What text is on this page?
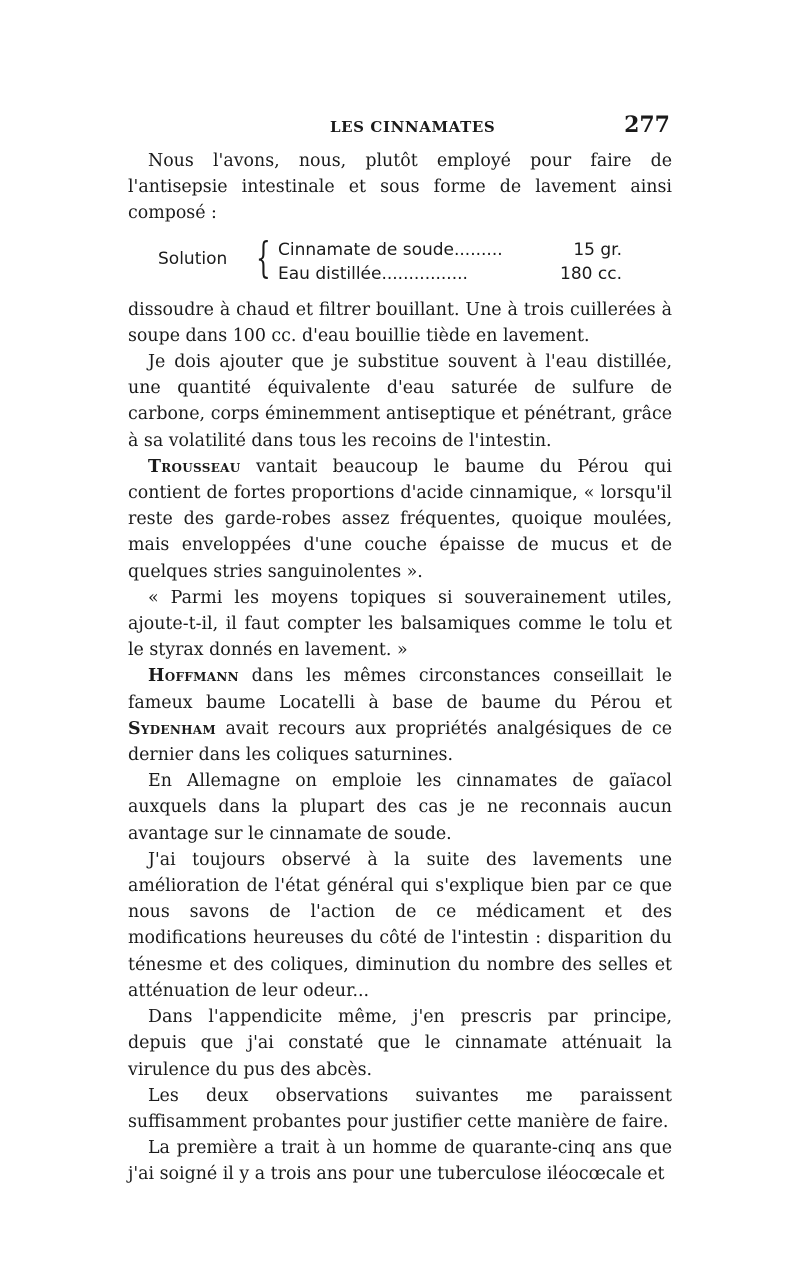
LES CINNAMATES	277

Nous l'avons, nous, plutôt employé pour faire de l'antisepsie intestinale et sous forme de lavement ainsi composé :

Solution { Cinnamate de soude.........	15 gr.
Eau distillée................	180 cc.

dissoudre à chaud et filtrer bouillant. Une à trois cuillerées à soupe dans 100 cc. d'eau bouillie tiède en lavement.

Je dois ajouter que je substitue souvent à l'eau distillée, une quantité équivalente d'eau saturée de sulfure de carbone, corps éminemment antiseptique et pénétrant, grâce à sa volatilité dans tous les recoins de l'intestin.

Trousseau vantait beaucoup le baume du Pérou qui contient de fortes proportions d'acide cinnamique, « lorsqu'il reste des garde-robes assez fréquentes, quoique moulées, mais enveloppées d'une couche épaisse de mucus et de quelques stries sanguinolentes ».

« Parmi les moyens topiques si souverainement utiles, ajoute-t-il, il faut compter les balsamiques comme le tolu et le styrax donnés en lavement. »

Hoffmann dans les mêmes circonstances conseillait le fameux baume Locatelli à base de baume du Pérou et Sydenham avait recours aux propriétés analgésiques de ce dernier dans les coliques saturnines.

En Allemagne on emploie les cinnamates de gaïacol auxquels dans la plupart des cas je ne reconnais aucun avantage sur le cinnamate de soude.

J'ai toujours observé à la suite des lavements une amélioration de l'état général qui s'explique bien par ce que nous savons de l'action de ce médicament et des modifications heureuses du côté de l'intestin : disparition du ténesme et des coliques, diminution du nombre des selles et atténuation de leur odeur...

Dans l'appendicite même, j'en prescris par principe, depuis que j'ai constaté que le cinnamate atténuait la virulence du pus des abcès.

Les deux observations suivantes me paraissent suffisamment probantes pour justifier cette manière de faire.

La première a trait à un homme de quarante-cinq ans que j'ai soigné il y a trois ans pour une tuberculose iléocœcale et
